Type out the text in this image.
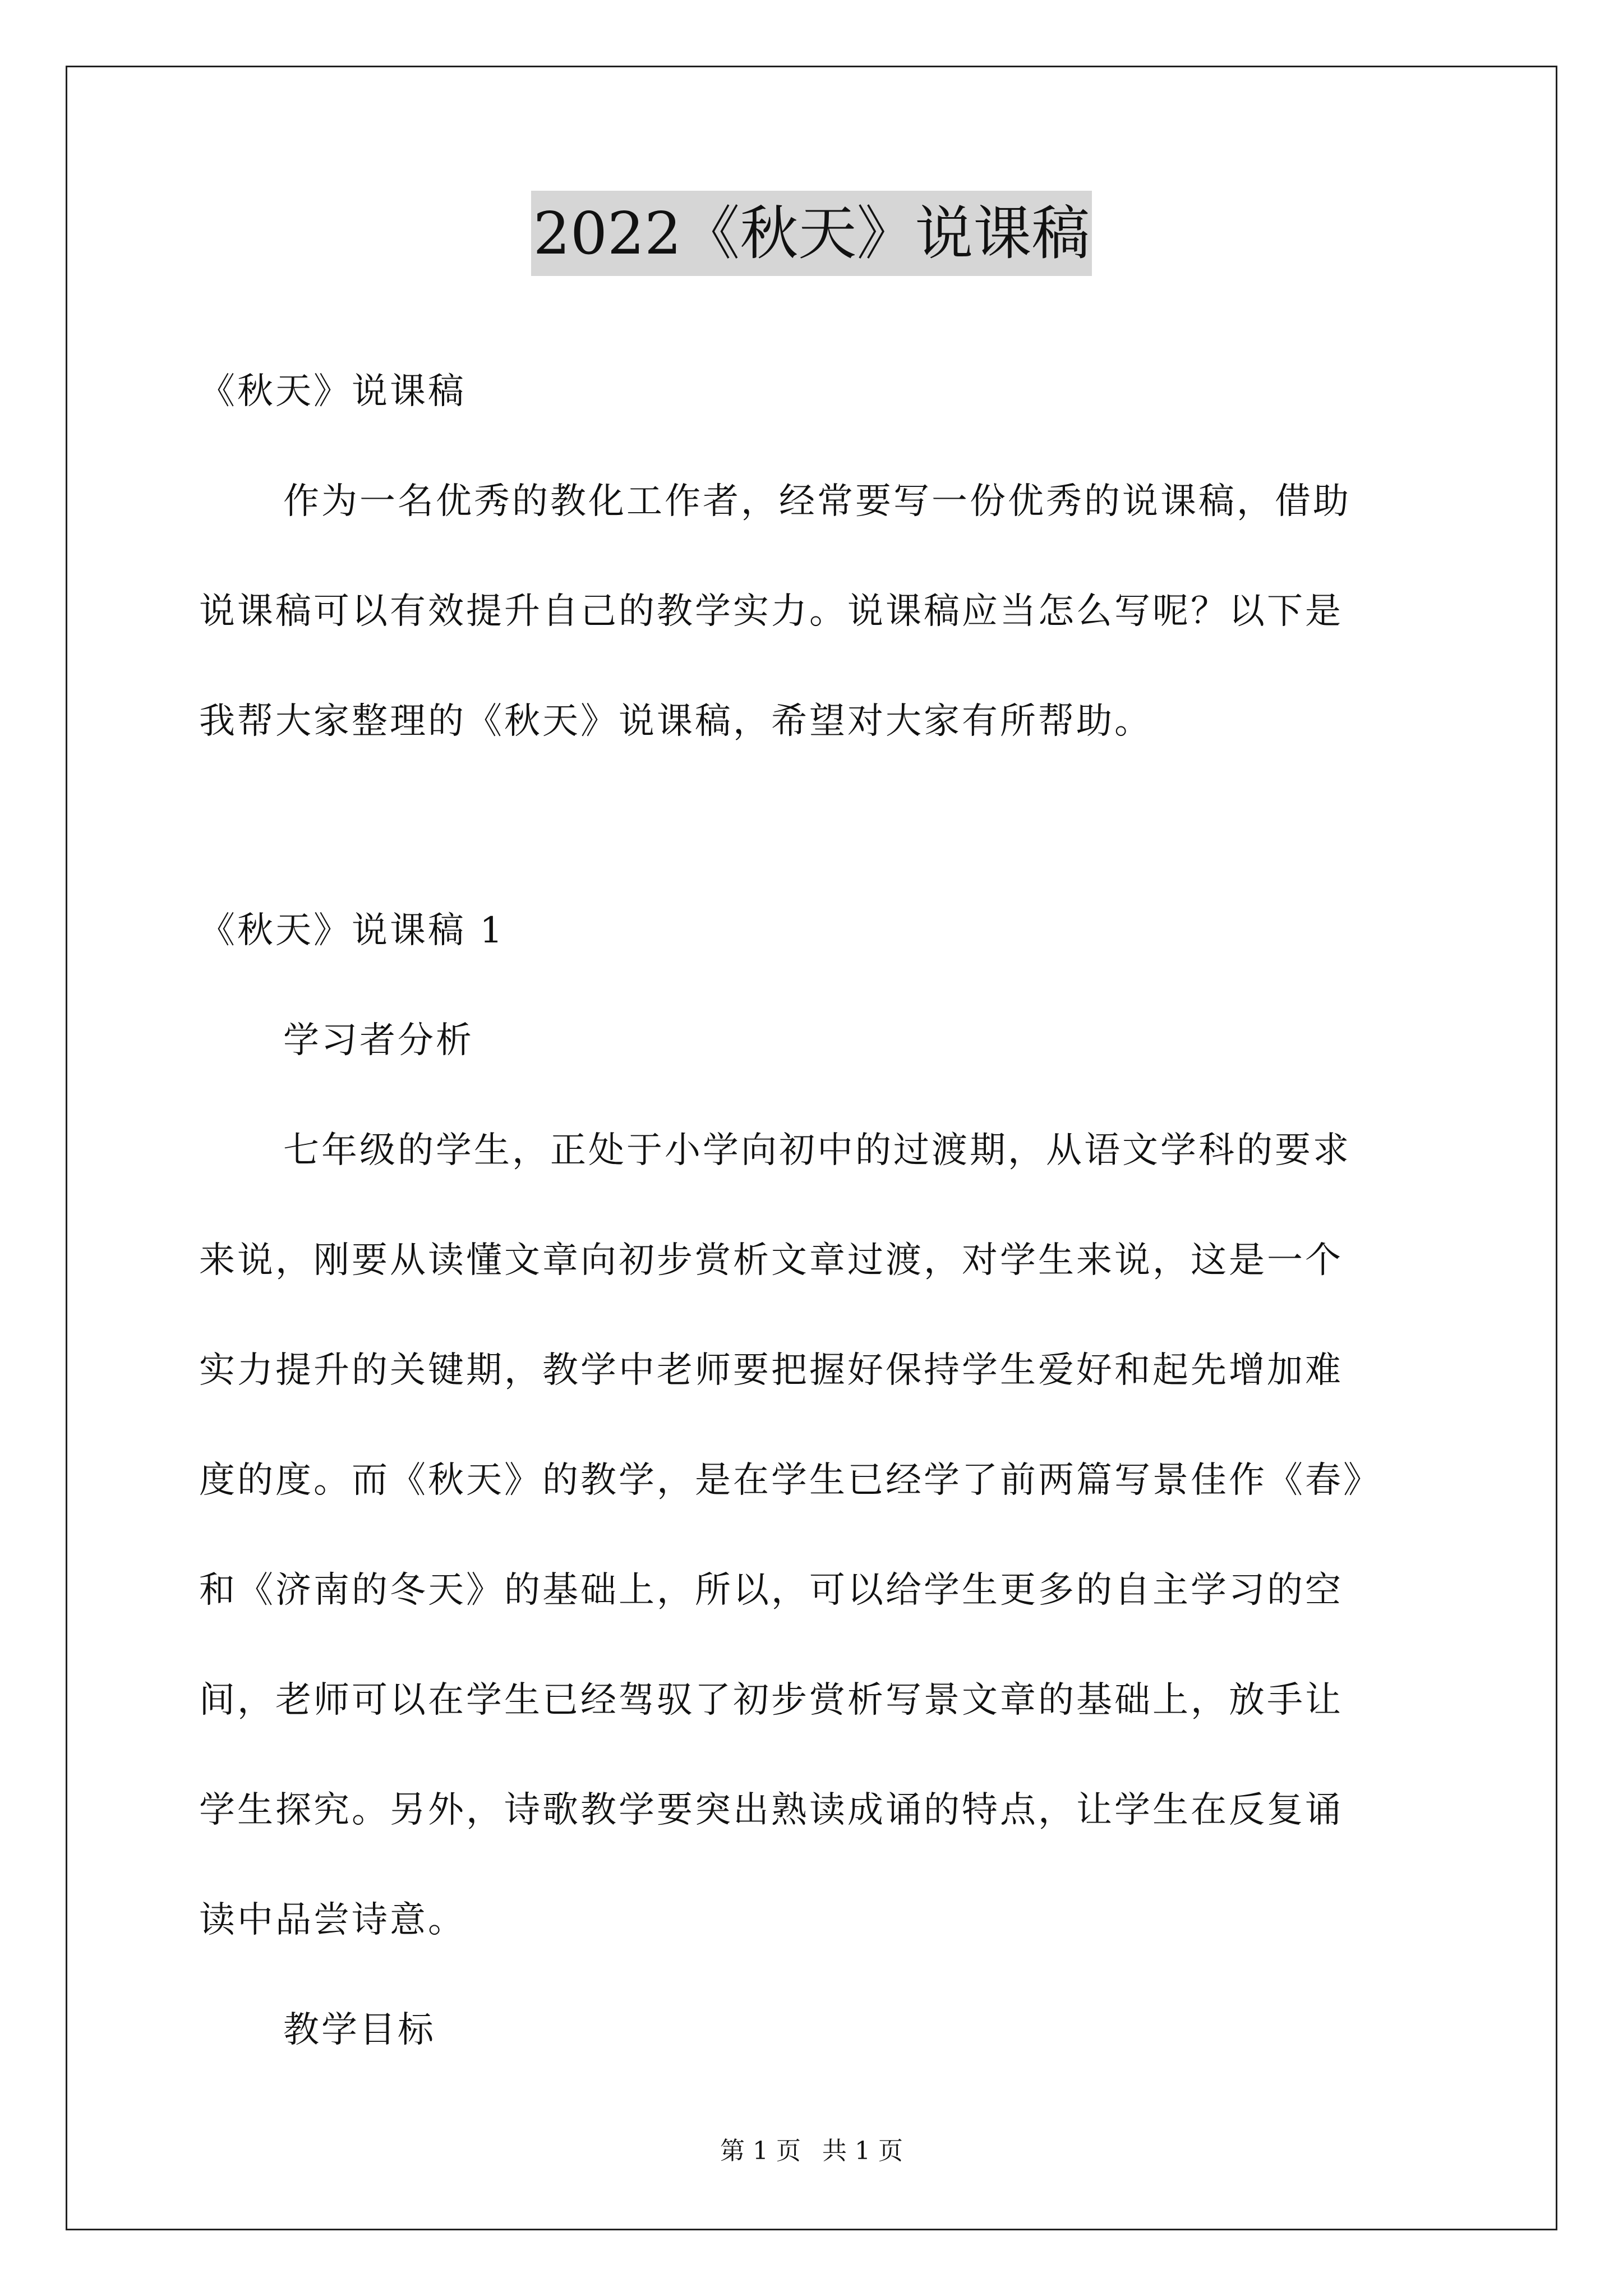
2022《秋天》说课稿
《秋天》说课稿
作为一名优秀的教化工作者，经常要写一份优秀的说课稿，借助
说课稿可以有效提升自己的教学实力。说课稿应当怎么写呢？以下是
我帮大家整理的《秋天》说课稿，希望对大家有所帮助。
《秋天》说课稿 1
学习者分析
七年级的学生，正处于小学向初中的过渡期，从语文学科的要求
来说，刚要从读懂文章向初步赏析文章过渡，对学生来说，这是一个
实力提升的关键期，教学中老师要把握好保持学生爱好和起先增加难
度的度。而《秋天》的教学，是在学生已经学了前两篇写景佳作《春》
和《济南的冬天》的基础上，所以，可以给学生更多的自主学习的空
间，老师可以在学生已经驾驭了初步赏析写景文章的基础上，放手让
学生探究。另外，诗歌教学要突出熟读成诵的特点，让学生在反复诵
读中品尝诗意。
教学目标
第 1 页 共 1 页
